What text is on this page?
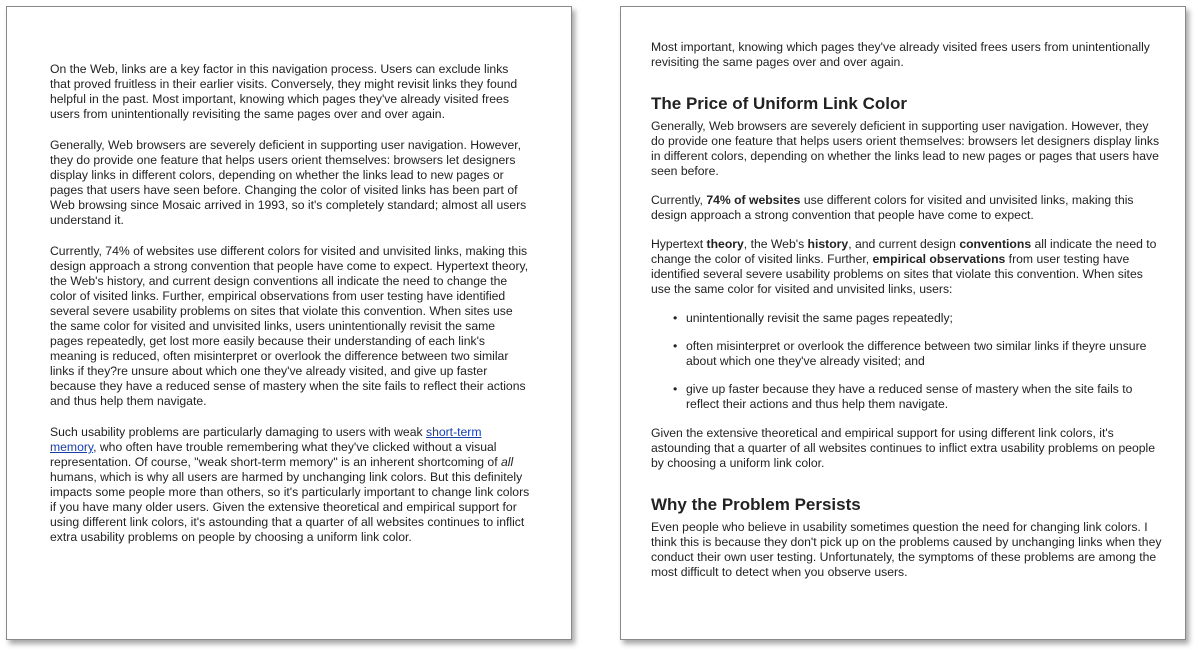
On the Web, links are a key factor in this navigation process. Users can exclude links that proved fruitless in their earlier visits. Conversely, they might revisit links they found helpful in the past. Most important, knowing which pages they've already visited frees users from unintentionally revisiting the same pages over and over again.

Generally, Web browsers are severely deficient in supporting user navigation. However, they do provide one feature that helps users orient themselves: browsers let designers display links in different colors, depending on whether the links lead to new pages or pages that users have seen before. Changing the color of visited links has been part of Web browsing since Mosaic arrived in 1993, so it's completely standard; almost all users understand it.

Currently, 74% of websites use different colors for visited and unvisited links, making this design approach a strong convention that people have come to expect. Hypertext theory, the Web's history, and current design conventions all indicate the need to change the color of visited links. Further, empirical observations from user testing have identified several severe usability problems on sites that violate this convention. When sites use the same color for visited and unvisited links, users unintentionally revisit the same pages repeatedly, get lost more easily because their understanding of each link's meaning is reduced, often misinterpret or overlook the difference between two similar links if they?re unsure about which one they've already visited, and give up faster because they have a reduced sense of mastery when the site fails to reflect their actions and thus help them navigate.

Such usability problems are particularly damaging to users with weak short-term memory, who often have trouble remembering what they've clicked without a visual representation. Of course, "weak short-term memory" is an inherent shortcoming of all humans, which is why all users are harmed by unchanging link colors. But this definitely impacts some people more than others, so it's particularly important to change link colors if you have many older users. Given the extensive theoretical and empirical support for using different link colors, it's astounding that a quarter of all websites continues to inflict extra usability problems on people by choosing a uniform link color.

Most important, knowing which pages they've already visited frees users from unintentionally revisiting the same pages over and over again.

The Price of Uniform Link Color

Generally, Web browsers are severely deficient in supporting user navigation. However, they do provide one feature that helps users orient themselves: browsers let designers display links in different colors, depending on whether the links lead to new pages or pages that users have seen before.

Currently, 74% of websites use different colors for visited and unvisited links, making this design approach a strong convention that people have come to expect.

Hypertext theory, the Web's history, and current design conventions all indicate the need to change the color of visited links. Further, empirical observations from user testing have identified several severe usability problems on sites that violate this convention. When sites use the same color for visited and unvisited links, users:

• unintentionally revisit the same pages repeatedly;
• often misinterpret or overlook the difference between two similar links if theyre unsure about which one they've already visited; and
• give up faster because they have a reduced sense of mastery when the site fails to reflect their actions and thus help them navigate.

Given the extensive theoretical and empirical support for using different link colors, it's astounding that a quarter of all websites continues to inflict extra usability problems on people by choosing a uniform link color.

Why the Problem Persists

Even people who believe in usability sometimes question the need for changing link colors. I think this is because they don't pick up on the problems caused by unchanging links when they conduct their own user testing. Unfortunately, the symptoms of these problems are among the most difficult to detect when you observe users.
